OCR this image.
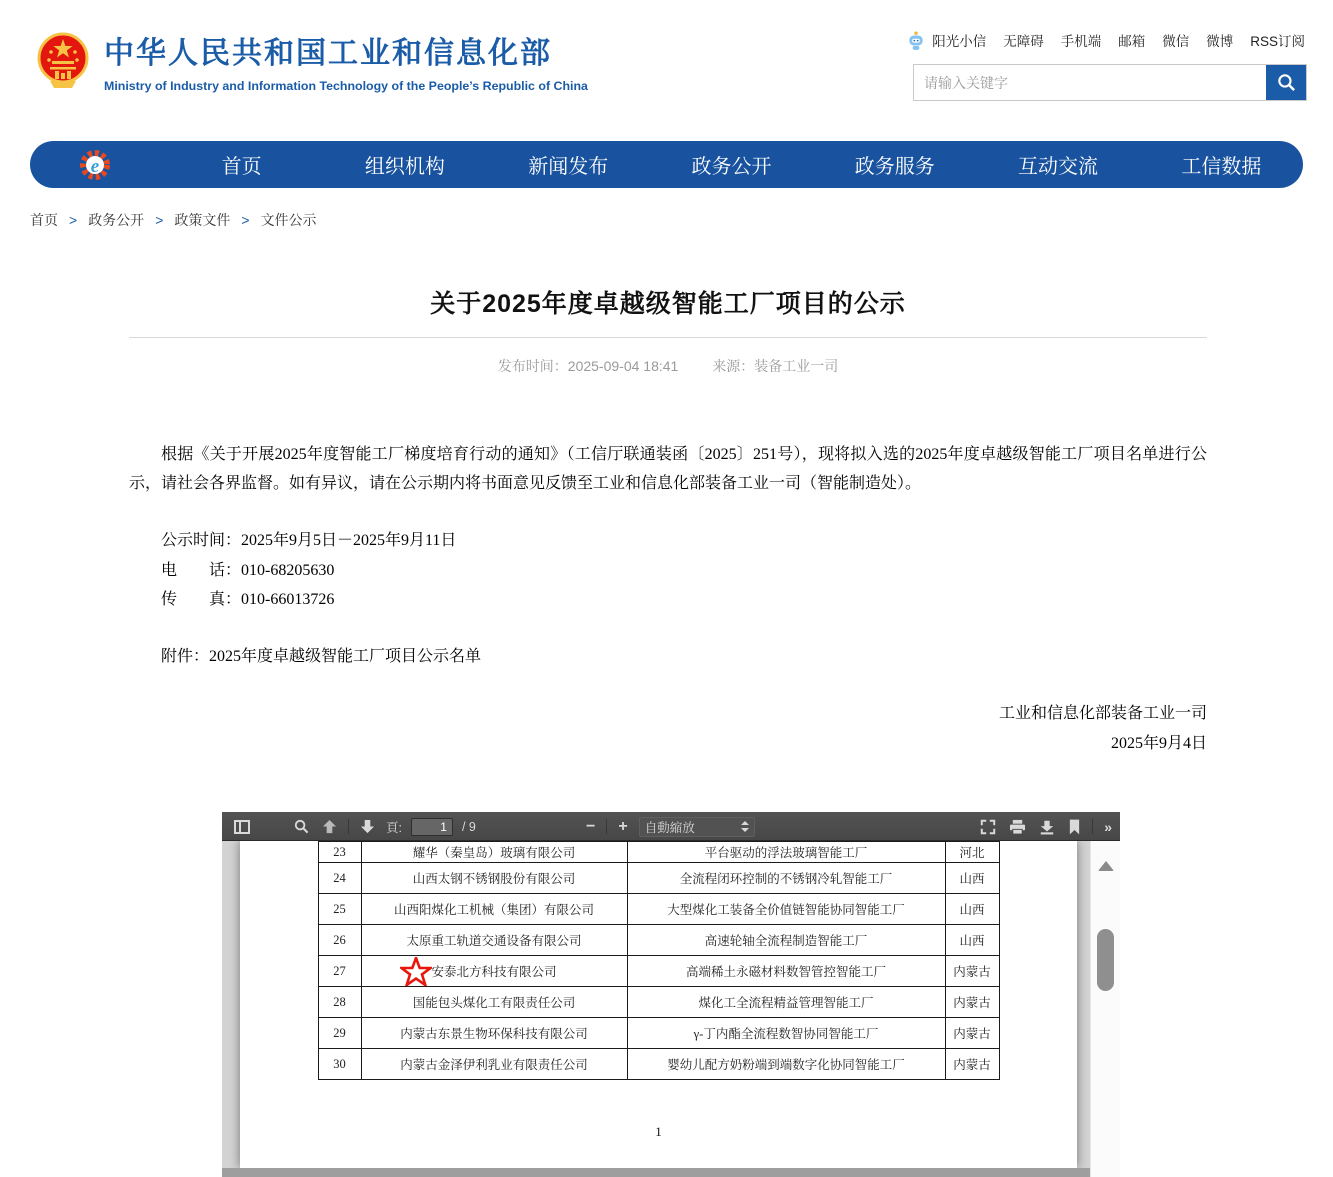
中华人民共和国工业和信息化部
Ministry of Industry and Information Technology of the People’s Republic of China
阳光小信 无障碍 手机端 邮箱 微信 微博 RSS订阅
请输入关键字
e	首页	组织机构	新闻发布	政务公开	政务服务	互动交流	工信数据
首页 > 政务公开 > 政策文件 > 文件公示
关于2025年度卓越级智能工厂项目的公示
发布时间：2025-09-04 18:41 来源：装备工业一司
根据《关于开展2025年度智能工厂梯度培育行动的通知》（工信厅联通装函〔2025〕251号），现将拟入选的2025年度卓越级智能工厂项目名单进行公示，请社会各界监督。如有异议，请在公示期内将书面意见反馈至工业和信息化部装备工业一司（智能制造处）。
公示时间：2025年9月5日－2025年9月11日
电　　话：010-68205630
传　　真：010-66013726
附件：2025年度卓越级智能工厂项目公示名单
工业和信息化部装备工业一司
2025年9月4日
頁:
1	/ 9	− + 自動縮放	»
23	耀华（秦皇岛）玻璃有限公司	平台驱动的浮法玻璃智能工厂	河北
24	山西太钢不锈钢股份有限公司	全流程闭环控制的不锈钢冷轧智能工厂	山西
25	山西阳煤化工机械（集团）有限公司	大型煤化工装备全价值链智能协同智能工厂	山西
26	太原重工轨道交通设备有限公司	高速轮轴全流程制造智能工厂	山西
27	安泰北方科技有限公司	高端稀土永磁材料数智管控智能工厂	内蒙古
28	国能包头煤化工有限责任公司	煤化工全流程精益管理智能工厂	内蒙古
29	内蒙古东景生物环保科技有限公司	γ-丁内酯全流程数智协同智能工厂	内蒙古
30	内蒙古金泽伊利乳业有限责任公司	婴幼儿配方奶粉端到端数字化协同智能工厂	内蒙古
1
